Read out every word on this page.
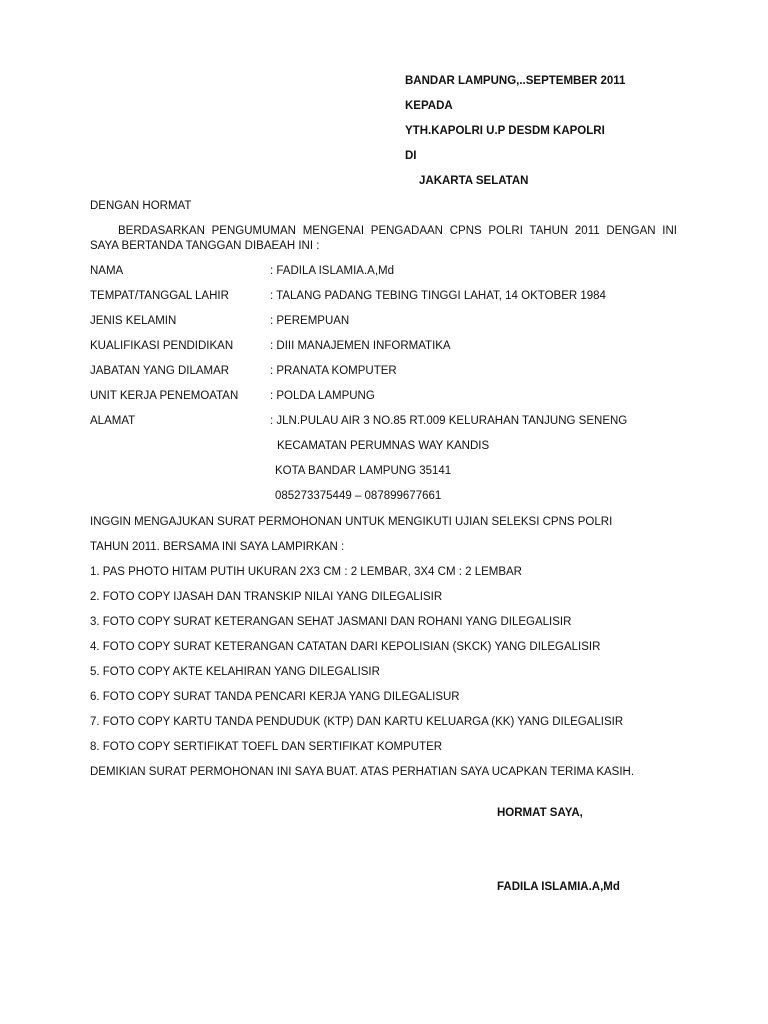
BANDAR LAMPUNG,..SEPTEMBER 2011
KEPADA
YTH.KAPOLRI U.P DESDM KAPOLRI
DI
JAKARTA SELATAN
DENGAN HORMAT
BERDASARKAN PENGUMUMAN MENGENAI PENGADAAN CPNS POLRI TAHUN 2011 DENGAN INI SAYA BERTANDA TANGGAN DIBAEAH INI :
NAMA	: FADILA ISLAMIA.A,Md
TEMPAT/TANGGAL LAHIR	: TALANG PADANG TEBING TINGGI LAHAT, 14 OKTOBER 1984
JENIS KELAMIN	: PEREMPUAN
KUALIFIKASI PENDIDIKAN	: DIII MANAJEMEN INFORMATIKA
JABATAN YANG DILAMAR	: PRANATA KOMPUTER
UNIT KERJA PENEMOATAN	: POLDA LAMPUNG
ALAMAT	: JLN.PULAU AIR 3 NO.85 RT.009 KELURAHAN TANJUNG SENENG
KECAMATAN PERUMNAS WAY KANDIS
KOTA BANDAR LAMPUNG 35141
085273375449 – 087899677661
INGGIN MENGAJUKAN SURAT PERMOHONAN UNTUK MENGIKUTI UJIAN SELEKSI CPNS POLRI
TAHUN 2011. BERSAMA INI SAYA LAMPIRKAN :
1. PAS PHOTO HITAM PUTIH UKURAN 2X3 CM : 2 LEMBAR, 3X4 CM : 2 LEMBAR
2. FOTO COPY IJASAH DAN TRANSKIP NILAI YANG DILEGALISIR
3. FOTO COPY SURAT KETERANGAN SEHAT JASMANI DAN ROHANI YANG DILEGALISIR
4. FOTO COPY SURAT KETERANGAN CATATAN DARI KEPOLISIAN (SKCK) YANG DILEGALISIR
5. FOTO COPY AKTE KELAHIRAN YANG DILEGALISIR
6. FOTO COPY SURAT TANDA PENCARI KERJA YANG DILEGALISUR
7. FOTO COPY KARTU TANDA PENDUDUK (KTP) DAN KARTU KELUARGA (KK) YANG DILEGALISIR
8. FOTO COPY SERTIFIKAT TOEFL DAN SERTIFIKAT KOMPUTER
DEMIKIAN SURAT PERMOHONAN INI SAYA BUAT. ATAS PERHATIAN SAYA UCAPKAN TERIMA KASIH.
HORMAT SAYA,
FADILA ISLAMIA.A,Md
